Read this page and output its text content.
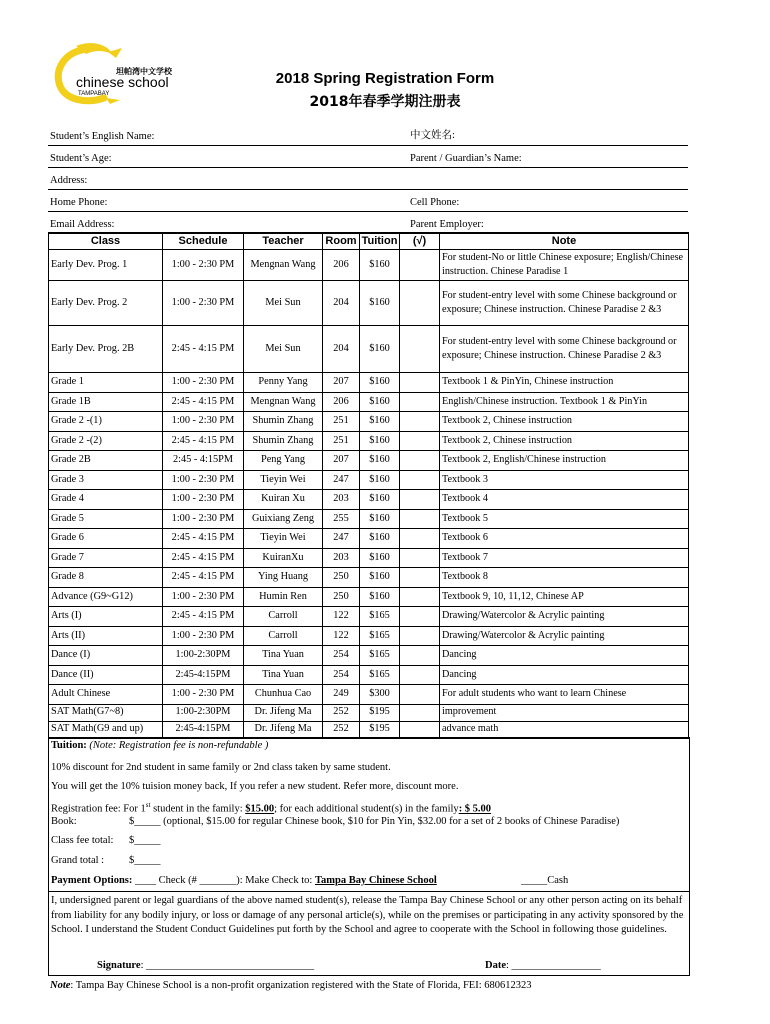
坦帕湾中文学校
chinese school
TAMPABAY
2018 Spring Registration Form
2018年春季学期注册表
Student’s English Name:	中文姓名:
Student’s Age:	Parent / Guardian’s Name:
Address:
Home Phone:	Cell Phone:
Email Address:	Parent Employer:
Class	Schedule	Teacher	Room	Tuition	(√)	Note
Early Dev. Prog. 1	1:00 - 2:30 PM	Mengnan Wang	206	$160		For student-No or little Chinese exposure; English/Chinese instruction. Chinese Paradise 1
Early Dev. Prog. 2	1:00 - 2:30 PM	Mei Sun	204	$160		For student-entry level with some Chinese background or exposure; Chinese instruction. Chinese Paradise 2 &3
Early Dev. Prog. 2B	2:45 - 4:15 PM	Mei Sun	204	$160		For student-entry level with some Chinese background or exposure; Chinese instruction. Chinese Paradise 2 &3
Grade 1	1:00 - 2:30 PM	Penny Yang	207	$160		Textbook 1 & PinYin, Chinese instruction
Grade 1B	2:45 - 4:15 PM	Mengnan Wang	206	$160		English/Chinese instruction. Textbook 1 & PinYin
Grade 2 -(1)	1:00 - 2:30 PM	Shumin Zhang	251	$160		Textbook 2, Chinese instruction
Grade 2 -(2)	2:45 - 4:15 PM	Shumin Zhang	251	$160		Textbook 2, Chinese instruction
Grade 2B	2:45 - 4:15PM	Peng Yang	207	$160		Textbook 2, English/Chinese instruction
Grade 3	1:00 - 2:30 PM	Tieyin Wei	247	$160		Textbook 3
Grade 4	1:00 - 2:30 PM	Kuiran Xu	203	$160		Textbook 4
Grade 5	1:00 - 2:30 PM	Guixiang Zeng	255	$160		Textbook 5
Grade 6	2:45 - 4:15 PM	Tieyin Wei	247	$160		Textbook 6
Grade 7	2:45 - 4:15 PM	KuiranXu	203	$160		Textbook 7
Grade 8	2:45 - 4:15 PM	Ying Huang	250	$160		Textbook 8
Advance (G9~G12)	1:00 - 2:30 PM	Humin Ren	250	$160		Textbook 9, 10, 11,12, Chinese AP
Arts (I)	2:45 - 4:15 PM	Carroll	122	$165		Drawing/Watercolor & Acrylic painting
Arts (II)	1:00 - 2:30 PM	Carroll	122	$165		Drawing/Watercolor & Acrylic painting
Dance (I)	1:00-2:30PM	Tina Yuan	254	$165		Dancing
Dance (II)	2:45-4:15PM	Tina Yuan	254	$165		Dancing
Adult Chinese	1:00 - 2:30 PM	Chunhua Cao	249	$300		For adult students who want to learn Chinese
SAT Math(G7~8)	1:00-2:30PM	Dr. Jifeng Ma	252	$195		improvement
SAT Math(G9 and up)	2:45-4:15PM	Dr. Jifeng Ma	252	$195		advance math
Tuition: (Note: Registration fee is non-refundable )
10% discount for 2nd student in same family or 2nd class taken by same student.
You will get the 10% tuision money back, If you refer a new student. Refer more, discount more.
Registration fee: For 1st student in the family: $15.00; for each additional student(s) in the family: $ 5.00
Book:	$_____ (optional, $15.00 for regular Chinese book, $10 for Pin Yin, $32.00 for a set of 2 books of Chinese Paradise)
Class fee total: $_____
Grand total : $_____
Payment Options: ____ Check (# _______): Make Check to: Tampa Bay Chinese School	_____Cash
I, undersigned parent or legal guardians of the above named student(s), release the Tampa Bay Chinese School or any other person acting on its behalf from liability for any bodily injury, or loss or damage of any personal article(s), while on the premises or participating in any activity sponsored by the School. I understand the Student Conduct Guidelines put forth by the School and agree to cooperate with the School in following those guidelines.
Signature: ________________________________	Date: _________________
Note: Tampa Bay Chinese School is a non-profit organization registered with the State of Florida, FEI: 680612323
